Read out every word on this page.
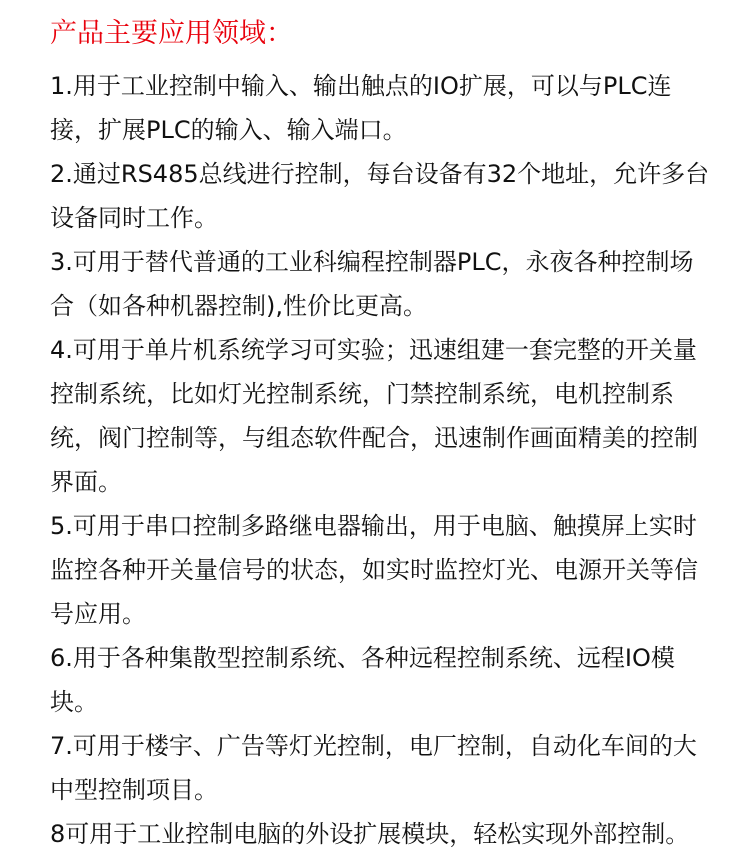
产品主要应用领域：

1.用于工业控制中输入、输出触点的IO扩展，可以与PLC连接，扩展PLC的输入、输入端口。

2.通过RS485总线进行控制，每台设备有32个地址，允许多台设备同时工作。

3.可用于替代普通的工业科编程控制器PLC，永夜各种控制场合（如各种机器控制),性价比更高。

4.可用于单片机系统学习可实验；迅速组建一套完整的开关量控制系统，比如灯光控制系统，门禁控制系统，电机控制系统，阀门控制等，与组态软件配合，迅速制作画面精美的控制界面。

5.可用于串口控制多路继电器输出，用于电脑、触摸屏上实时监控各种开关量信号的状态，如实时监控灯光、电源开关等信号应用。

6.用于各种集散型控制系统、各种远程控制系统、远程IO模块。

7.可用于楼宇、广告等灯光控制，电厂控制，自动化车间的大中型控制项目。

8可用于工业控制电脑的外设扩展模块，轻松实现外部控制。
